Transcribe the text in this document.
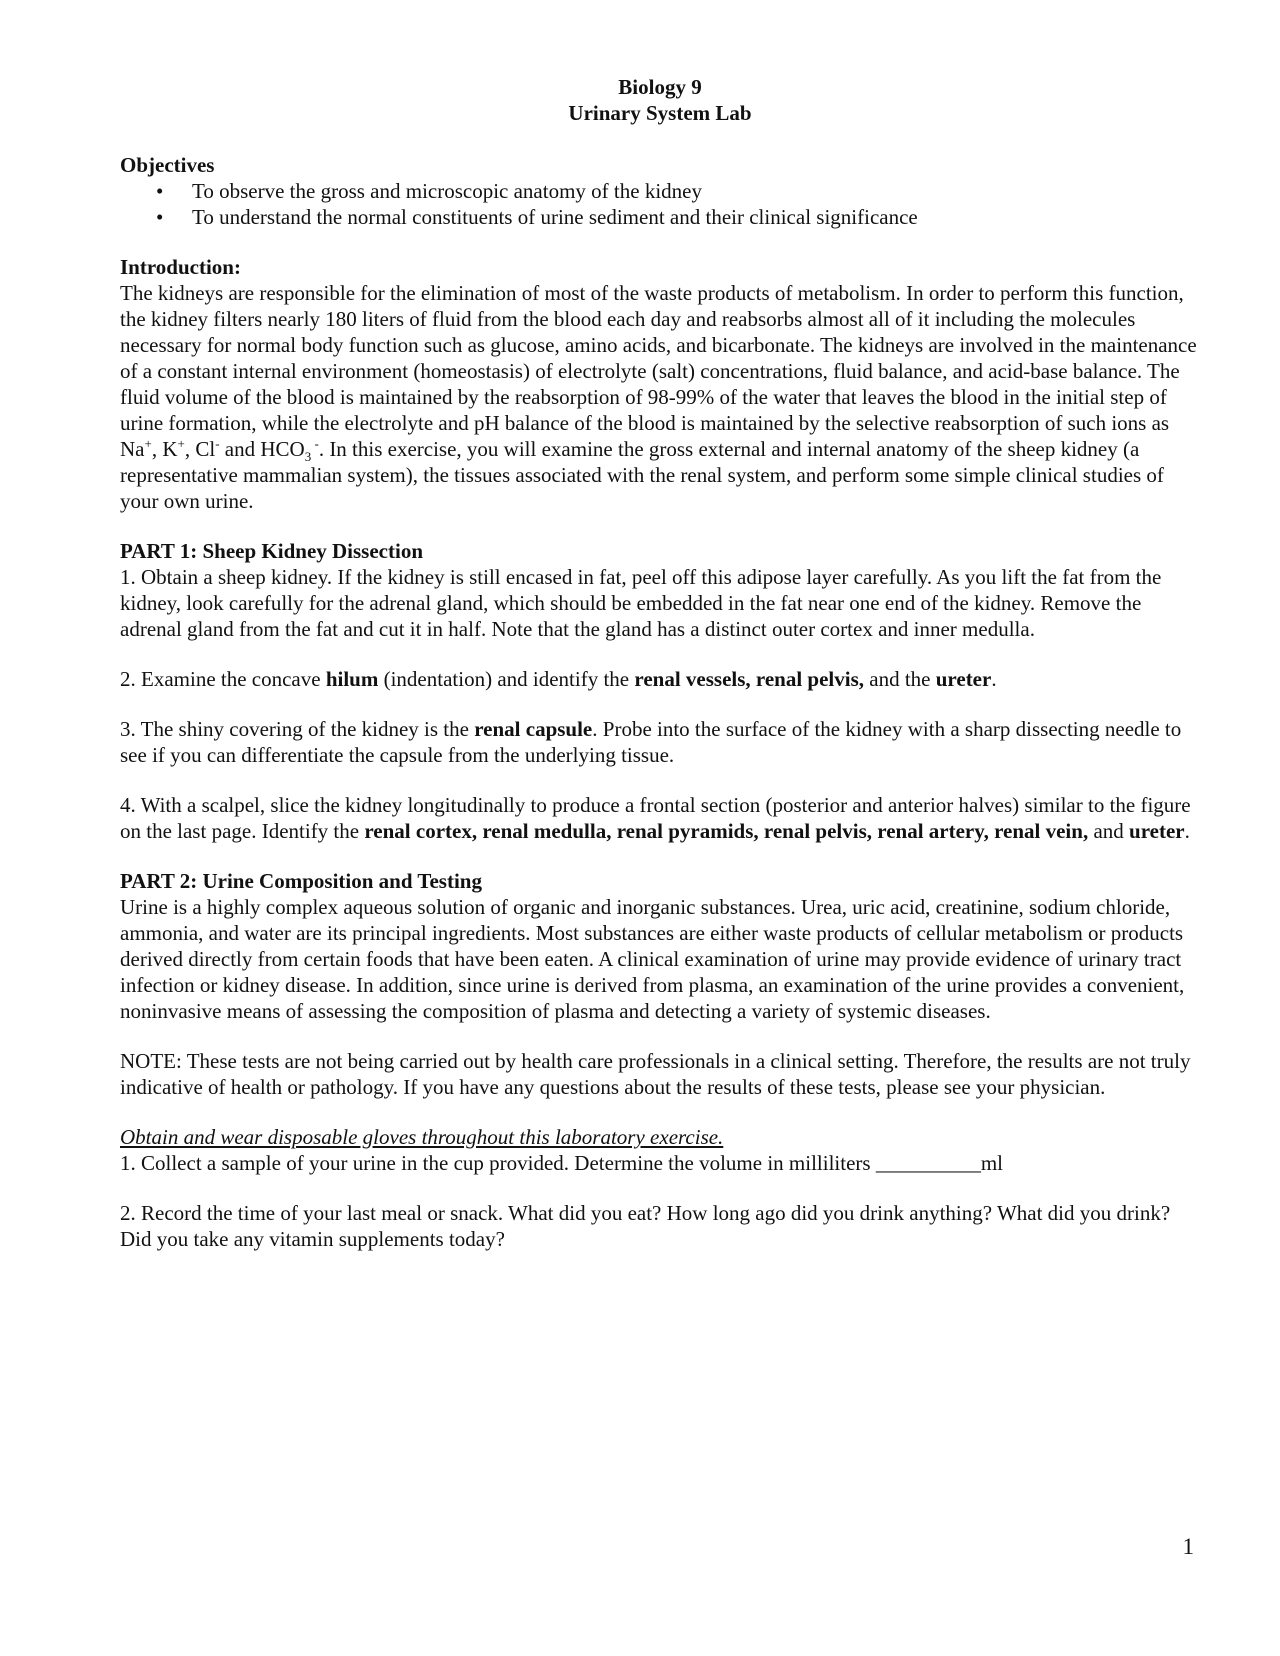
Biology 9

Urinary System Lab

Objectives
• To observe the gross and microscopic anatomy of the kidney
• To understand the normal constituents of urine sediment and their clinical significance
Introduction:

The kidneys are responsible for the elimination of most of the waste products of metabolism. In order to perform this function, the kidney filters nearly 180 liters of fluid from the blood each day and reabsorbs almost all of it including the molecules necessary for normal body function such as glucose, amino acids, and bicarbonate. The kidneys are involved in the maintenance of a constant internal environment (homeostasis) of electrolyte (salt) concentrations, fluid balance, and acid-base balance. The fluid volume of the blood is maintained by the reabsorption of 98-99% of the water that leaves the blood in the initial step of urine formation, while the electrolyte and pH balance of the blood is maintained by the selective reabsorption of such ions as Na+, K+, Cl- and $HCO_3$ -. In this exercise, you will examine the gross external and internal anatomy of the sheep kidney (a representative mammalian system), the tissues associated with the renal system, and perform some simple clinical studies of your own urine.

PART 1: Sheep Kidney Dissection

1. Obtain a sheep kidney. If the kidney is still encased in fat, peel off this adipose layer carefully. As you lift the fat from the kidney, look carefully for the adrenal gland, which should be embedded in the fat near one end of the kidney. Remove the adrenal gland from the fat and cut it in half. Note that the gland has a distinct outer cortex and inner medulla.

2. Examine the concave hilum (indentation) and identify the renal vessels, renal pelvis, and the ureter.

3. The shiny covering of the kidney is the renal capsule. Probe into the surface of the kidney with a sharp dissecting needle to see if you can differentiate the capsule from the underlying tissue.

4. With a scalpel, slice the kidney longitudinally to produce a frontal section (posterior and anterior halves) similar to the figure on the last page. Identify the renal cortex, renal medulla, renal pyramids, renal pelvis, renal artery, renal vein, and ureter.

PART 2: Urine Composition and Testing

Urine is a highly complex aqueous solution of organic and inorganic substances. Urea, uric acid, creatinine, sodium chloride, ammonia, and water are its principal ingredients. Most substances are either waste products of cellular metabolism or products derived directly from certain foods that have been eaten. A clinical examination of urine may provide evidence of urinary tract infection or kidney disease. In addition, since urine is derived from plasma, an examination of the urine provides a convenient, noninvasive means of assessing the composition of plasma and detecting a variety of systemic diseases.

NOTE: These tests are not being carried out by health care professionals in a clinical setting. Therefore, the results are not truly indicative of health or pathology. If you have any questions about the results of these tests, please see your physician.

Obtain and wear disposable gloves throughout this laboratory exercise.

1. Collect a sample of your urine in the cup provided. Determine the volume in milliliters __________ml

2. Record the time of your last meal or snack. What did you eat? How long ago did you drink anything? What did you drink? Did you take any vitamin supplements today?

1
